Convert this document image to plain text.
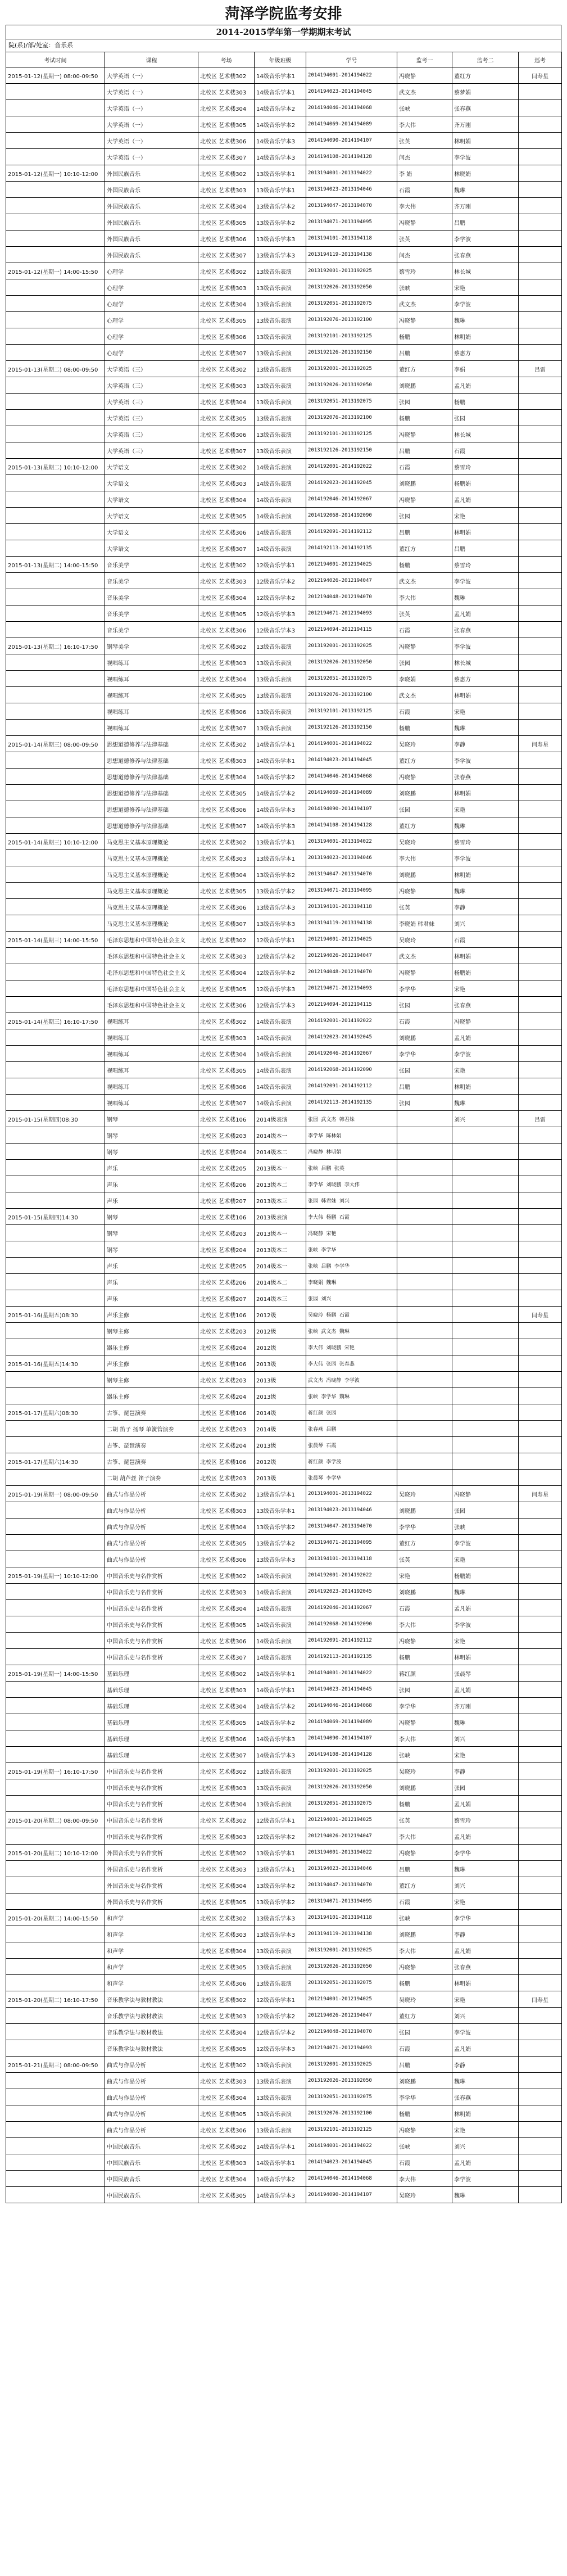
菏泽学院监考安排
2014-2015学年第一学期期末考试
院(系)/部/处室：音乐系
考试时间	课程	考场	年级班级	学号	监考一	监考二	巡考
2015-01-12(星期一) 08:00-09:50	大学英语（一）	北校区 艺术楼302	14级音乐学本1	2014194001-2014194022	冯晓静	董红方	闫寿星
	大学英语（一）	北校区 艺术楼303	14级音乐学本1	2014194023-2014194045	武文杰	蔡梦娟	
	大学英语（一）	北校区 艺术楼304	14级音乐学本2	2014194046-2014194068	张峡	张春燕	
	大学英语（一）	北校区 艺术楼305	14级音乐学本2	2014194069-2014194089	李大伟	齐万刚	
	大学英语（一）	北校区 艺术楼306	14级音乐学本3	2014194090-2014194107	张英	林明娟	
	大学英语（一）	北校区 艺术楼307	14级音乐学本3	2014194108-2014194128	闫杰	李学波	
2015-01-12(星期一) 10:10-12:00	外国民族音乐	北校区 艺术楼302	13级音乐学本1	2013194001-2013194022	李 娟	林晓娟	
	外国民族音乐	北校区 艺术楼303	13级音乐学本1	2013194023-2013194046	石霞	魏琳	
	外国民族音乐	北校区 艺术楼304	13级音乐学本2	2013194047-2013194070	李大伟	齐万刚	
	外国民族音乐	北校区 艺术楼305	13级音乐学本2	2013194071-2013194095	冯晓静	吕鹏	
	外国民族音乐	北校区 艺术楼306	13级音乐学本3	2013194101-2013194118	张英	李学波	
	外国民族音乐	北校区 艺术楼307	13级音乐学本3	2013194119-2013194138	闫杰	张春燕	
2015-01-12(星期一) 14:00-15:50	心理学	北校区 艺术楼302	13级音乐表演	2013192001-2013192025	蔡雪玲	林长城	
	心理学	北校区 艺术楼303	13级音乐表演	2013192026-2013192050	张峡	宋艳	
	心理学	北校区 艺术楼304	13级音乐表演	2013192051-2013192075	武文杰	李学波	
	心理学	北校区 艺术楼305	13级音乐表演	2013192076-2013192100	冯晓静	魏琳	
	心理学	北校区 艺术楼306	13级音乐表演	2013192101-2013192125	杨鹏	林明娟	
	心理学	北校区 艺术楼307	13级音乐表演	2013192126-2013192150	吕鹏	蔡惠方	
2015-01-13(星期二) 08:00-09:50	大学英语（三）	北校区 艺术楼302	13级音乐表演	2013192001-2013192025	董红方	李娟	吕雷
	大学英语（三）	北校区 艺术楼303	13级音乐表演	2013192026-2013192050	刘晓鹏	孟凡娟	
	大学英语（三）	北校区 艺术楼304	13级音乐表演	2013192051-2013192075	张园	杨鹏	
	大学英语（三）	北校区 艺术楼305	13级音乐表演	2013192076-2013192100	杨鹏	张园	
	大学英语（三）	北校区 艺术楼306	13级音乐表演	2013192101-2013192125	冯晓静	林长城	
	大学英语（三）	北校区 艺术楼307	13级音乐表演	2013192126-2013192150	吕鹏	石霞	
2015-01-13(星期二) 10:10-12:00	大学语文	北校区 艺术楼302	14级音乐表演	2014192001-2014192022	石霞	蔡雪玲	
	大学语文	北校区 艺术楼303	14级音乐表演	2014192023-2014192045	刘晓鹏	杨鹏娟	
	大学语文	北校区 艺术楼304	14级音乐表演	2014192046-2014192067	冯晓静	孟凡娟	
	大学语文	北校区 艺术楼305	14级音乐表演	2014192068-2014192090	张园	宋艳	
	大学语文	北校区 艺术楼306	14级音乐表演	2014192091-2014192112	吕鹏	林明娟	
	大学语文	北校区 艺术楼307	14级音乐表演	2014192113-2014192135	董红方	吕鹏	
2015-01-13(星期二) 14:00-15:50	音乐美学	北校区 艺术楼302	12级音乐学本1	2012194001-2012194025	杨鹏	蔡雪玲	
	音乐美学	北校区 艺术楼303	12级音乐学本2	2012194026-2012194047	武文杰	李学波	
	音乐美学	北校区 艺术楼304	12级音乐学本2	2012194048-2012194070	李大伟	魏琳	
	音乐美学	北校区 艺术楼305	12级音乐学本3	2012194071-2012194093	张英	孟凡娟	
	音乐美学	北校区 艺术楼306	12级音乐学本3	2012194094-2012194115	石霞	张春燕	
2015-01-13(星期二) 16:10-17:50	钢琴美学	北校区 艺术楼302	13级音乐表演	2013192001-2013192025	冯晓静	李学波	
	视唱练耳	北校区 艺术楼303	13级音乐表演	2013192026-2013192050	张园	林长城	
	视唱练耳	北校区 艺术楼304	13级音乐表演	2013192051-2013192075	李晓娟	蔡惠方	
	视唱练耳	北校区 艺术楼305	13级音乐表演	2013192076-2013192100	武文杰	林明娟	
	视唱练耳	北校区 艺术楼306	13级音乐表演	2013192101-2013192125	石霞	宋艳	
	视唱练耳	北校区 艺术楼307	13级音乐表演	2013192126-2013192150	杨鹏	魏琳	
2015-01-14(星期三) 08:00-09:50	思想道德修养与法律基础	北校区 艺术楼302	14级音乐学本1	2014194001-2014194022	吴晓玲	李静	闫寿星
	思想道德修养与法律基础	北校区 艺术楼303	14级音乐学本1	2014194023-2014194045	董红方	李学波	
	思想道德修养与法律基础	北校区 艺术楼304	14级音乐学本2	2014194046-2014194068	冯晓静	张春燕	
	思想道德修养与法律基础	北校区 艺术楼305	14级音乐学本2	2014194069-2014194089	刘晓鹏	林明娟	
	思想道德修养与法律基础	北校区 艺术楼306	14级音乐学本3	2014194090-2014194107	张园	宋艳	
	思想道德修养与法律基础	北校区 艺术楼307	14级音乐学本3	2014194108-2014194128	董红方	魏琳	
2015-01-14(星期三) 10:10-12:00	马克思主义基本原理概论	北校区 艺术楼302	13级音乐学本1	2013194001-2013194022	吴晓玲	蔡雪玲	
	马克思主义基本原理概论	北校区 艺术楼303	13级音乐学本1	2013194023-2013194046	李大伟	李学波	
	马克思主义基本原理概论	北校区 艺术楼304	13级音乐学本2	2013194047-2013194070	刘晓鹏	林明娟	
	马克思主义基本原理概论	北校区 艺术楼305	13级音乐学本2	2013194071-2013194095	冯晓静	魏琳	
	马克思主义基本原理概论	北校区 艺术楼306	13级音乐学本3	2013194101-2013194118	张英	李静	
	马克思主义基本原理概论	北校区 艺术楼307	13级音乐学本3	2013194119-2013194138	李晓娟 韩君妹	刘兴	
2015-01-14(星期三) 14:00-15:50	毛泽东思想和中国特色社会主义	北校区 艺术楼302	12级音乐学本1	2012194001-2012194025	吴晓玲	石霞	
	毛泽东思想和中国特色社会主义	北校区 艺术楼303	12级音乐学本2	2012194026-2012194047	武文杰	林明娟	
	毛泽东思想和中国特色社会主义	北校区 艺术楼304	12级音乐学本2	2012194048-2012194070	冯晓静	杨鹏娟	
	毛泽东思想和中国特色社会主义	北校区 艺术楼305	12级音乐学本3	2012194071-2012194093	李学华	宋艳	
	毛泽东思想和中国特色社会主义	北校区 艺术楼306	12级音乐学本3	2012194094-2012194115	张园	张春燕	
2015-01-14(星期三) 16:10-17:50	视唱练耳	北校区 艺术楼302	14级音乐表演	2014192001-2014192022	石霞	冯晓静	
	视唱练耳	北校区 艺术楼303	14级音乐表演	2014192023-2014192045	刘晓鹏	孟凡娟	
	视唱练耳	北校区 艺术楼304	14级音乐表演	2014192046-2014192067	李学华	李学波	
	视唱练耳	北校区 艺术楼305	14级音乐表演	2014192068-2014192090	张园	宋艳	
	视唱练耳	北校区 艺术楼306	14级音乐表演	2014192091-2014192112	吕鹏	林明娟	
	视唱练耳	北校区 艺术楼307	14级音乐表演	2014192113-2014192135	张园	魏琳	
2015-01-15(星期四)08:30	钢琴	北校区 艺术楼106	2014级表演	张园 武文杰 韩君妹		刘兴	吕雷
	钢琴	北校区 艺术楼203	2014级本一	李学华 陈林娟			
	钢琴	北校区 艺术楼204	2014级本二	冯晓静 林明娟			
	声乐	北校区 艺术楼205	2013级本一	张峡 吕鹏 张英			
	声乐	北校区 艺术楼206	2013级本二	李学华 刘晓鹏 李大伟			
	声乐	北校区 艺术楼207	2013级本三	张园 韩君妹 刘兴			
2015-01-15(星期四)14:30	钢琴	北校区 艺术楼106	2013级表演	李大伟 杨鹏 石霞			
	钢琴	北校区 艺术楼203	2013级本一	冯晓静 宋艳			
	钢琴	北校区 艺术楼204	2013级本二	张峡 李学华			
	声乐	北校区 艺术楼205	2014级本一	张峡 吕鹏 李学华			
	声乐	北校区 艺术楼206	2014级本二	李晓娟 魏琳			
	声乐	北校区 艺术楼207	2014级本三	张园 刘兴			
2015-01-16(星期五)08:30	声乐主修	北校区 艺术楼106	2012级	吴晓玲 杨鹏 石霞			闫寿星
	钢琴主修	北校区 艺术楼203	2012级	张峡 武文杰 魏琳			
	器乐主修	北校区 艺术楼204	2012级	李大伟 刘晓鹏 宋艳			
2015-01-16(星期五)14:30	声乐主修	北校区 艺术楼106	2013级	李大伟 张园 张春燕			
	钢琴主修	北校区 艺术楼203	2013级	武文杰 冯晓静 李学波			
	器乐主修	北校区 艺术楼204	2013级	张峡 李学华 魏琳			
2015-01-17(星期六)08:30	古筝、琵琶演奏	北校区 艺术楼106	2014级	蒋红颜 张园			
	二胡 笛子 扬琴 单簧管演奏	北校区 艺术楼203	2014级	张春燕 吕鹏			
	古筝、琵琶演奏	北校区 艺术楼204	2013级	张晨琴 石霞			
2015-01-17(星期六)14:30	古筝、琵琶演奏	北校区 艺术楼106	2012级	蒋红颜 李学波			
	二胡 葫芦丝 笛子演奏	北校区 艺术楼203	2013级	张晨琴 李学华			
2015-01-19(星期一) 08:00-09:50	曲式与作品分析	北校区 艺术楼302	13级音乐学本1	2013194001-2013194022	吴晓玲	冯晓静	闫寿星
	曲式与作品分析	北校区 艺术楼303	13级音乐学本1	2013194023-2013194046	刘晓鹏	张园	
	曲式与作品分析	北校区 艺术楼304	13级音乐学本2	2013194047-2013194070	李学华	张峡	
	曲式与作品分析	北校区 艺术楼305	13级音乐学本2	2013194071-2013194095	董红方	李学波	
	曲式与作品分析	北校区 艺术楼306	13级音乐学本3	2013194101-2013194118	张英	宋艳	
2015-01-19(星期一) 10:10-12:00	中国音乐史与名作赏析	北校区 艺术楼302	14级音乐表演	2014192001-2014192022	宋艳	杨鹏娟	
	中国音乐史与名作赏析	北校区 艺术楼303	14级音乐表演	2014192023-2014192045	刘晓鹏	魏琳	
	中国音乐史与名作赏析	北校区 艺术楼304	14级音乐表演	2014192046-2014192067	石霞	孟凡娟	
	中国音乐史与名作赏析	北校区 艺术楼305	14级音乐表演	2014192068-2014192090	李大伟	李学波	
	中国音乐史与名作赏析	北校区 艺术楼306	14级音乐表演	2014192091-2014192112	冯晓静	宋艳	
	中国音乐史与名作赏析	北校区 艺术楼307	14级音乐表演	2014192113-2014192135	杨鹏	林明娟	
2015-01-19(星期一) 14:00-15:50	基础乐理	北校区 艺术楼302	14级音乐学本1	2014194001-2014194022	蒋红颜	张晨琴	
	基础乐理	北校区 艺术楼303	14级音乐学本1	2014194023-2014194045	张园	孟凡娟	
	基础乐理	北校区 艺术楼304	14级音乐学本2	2014194046-2014194068	李学华	齐万刚	
	基础乐理	北校区 艺术楼305	14级音乐学本2	2014194069-2014194089	冯晓静	魏琳	
	基础乐理	北校区 艺术楼306	14级音乐学本3	2014194090-2014194107	李大伟	刘兴	
	基础乐理	北校区 艺术楼307	14级音乐学本3	2014194108-2014194128	张峡	宋艳	
2015-01-19(星期一) 16:10-17:50	中国音乐史与名作赏析	北校区 艺术楼302	13级音乐表演	2013192001-2013192025	吴晓玲	李静	
	中国音乐史与名作赏析	北校区 艺术楼303	13级音乐表演	2013192026-2013192050	刘晓鹏	张园	
	中国音乐史与名作赏析	北校区 艺术楼304	13级音乐表演	2013192051-2013192075	杨鹏	孟凡娟	
2015-01-20(星期二) 08:00-09:50	中国音乐史与名作赏析	北校区 艺术楼302	12级音乐学本1	2012194001-2012194025	张英	蔡雪玲	
	中国音乐史与名作赏析	北校区 艺术楼303	12级音乐学本2	2012194026-2012194047	李大伟	孟凡娟	
2015-01-20(星期二) 10:10-12:00	外国音乐史与名作赏析	北校区 艺术楼302	13级音乐学本1	2013194001-2013194022	冯晓静	李学华	
	外国音乐史与名作赏析	北校区 艺术楼303	13级音乐学本1	2013194023-2013194046	吕鹏	魏琳	
	外国音乐史与名作赏析	北校区 艺术楼304	13级音乐学本2	2013194047-2013194070	董红方	刘兴	
	外国音乐史与名作赏析	北校区 艺术楼305	13级音乐学本2	2013194071-2013194095	石霞	宋艳	
2015-01-20(星期二) 14:00-15:50	和声学	北校区 艺术楼302	13级音乐学本3	2013194101-2013194118	张峡	李学华	
	和声学	北校区 艺术楼303	13级音乐学本3	2013194119-2013194138	刘晓鹏	李静	
	和声学	北校区 艺术楼304	13级音乐表演	2013192001-2013192025	李大伟	孟凡娟	
	和声学	北校区 艺术楼305	13级音乐表演	2013192026-2013192050	冯晓静	张春燕	
	和声学	北校区 艺术楼306	13级音乐表演	2013192051-2013192075	杨鹏	林明娟	
2015-01-20(星期二) 16:10-17:50	音乐教学法与教材教法	北校区 艺术楼302	12级音乐学本1	2012194001-2012194025	吴晓玲	宋艳	闫寿星
	音乐教学法与教材教法	北校区 艺术楼303	12级音乐学本2	2012194026-2012194047	董红方	刘兴	
	音乐教学法与教材教法	北校区 艺术楼304	12级音乐学本2	2012194048-2012194070	张园	李学波	
	音乐教学法与教材教法	北校区 艺术楼305	12级音乐学本3	2012194071-2012194093	石霞	孟凡娟	
2015-01-21(星期三) 08:00-09:50	曲式与作品分析	北校区 艺术楼302	13级音乐表演	2013192001-2013192025	吕鹏	李静	
	曲式与作品分析	北校区 艺术楼303	13级音乐表演	2013192026-2013192050	刘晓鹏	魏琳	
	曲式与作品分析	北校区 艺术楼304	13级音乐表演	2013192051-2013192075	李学华	张春燕	
	曲式与作品分析	北校区 艺术楼305	13级音乐表演	2013192076-2013192100	杨鹏	林明娟	
	曲式与作品分析	北校区 艺术楼306	13级音乐表演	2013192101-2013192125	冯晓静	宋艳	
	中国民族音乐	北校区 艺术楼302	14级音乐学本1	2014194001-2014194022	张峡	刘兴	
	中国民族音乐	北校区 艺术楼303	14级音乐学本1	2014194023-2014194045	石霞	孟凡娟	
	中国民族音乐	北校区 艺术楼304	14级音乐学本2	2014194046-2014194068	李大伟	李学波	
	中国民族音乐	北校区 艺术楼305	14级音乐学本3	2014194090-2014194107	吴晓玲	魏琳	
